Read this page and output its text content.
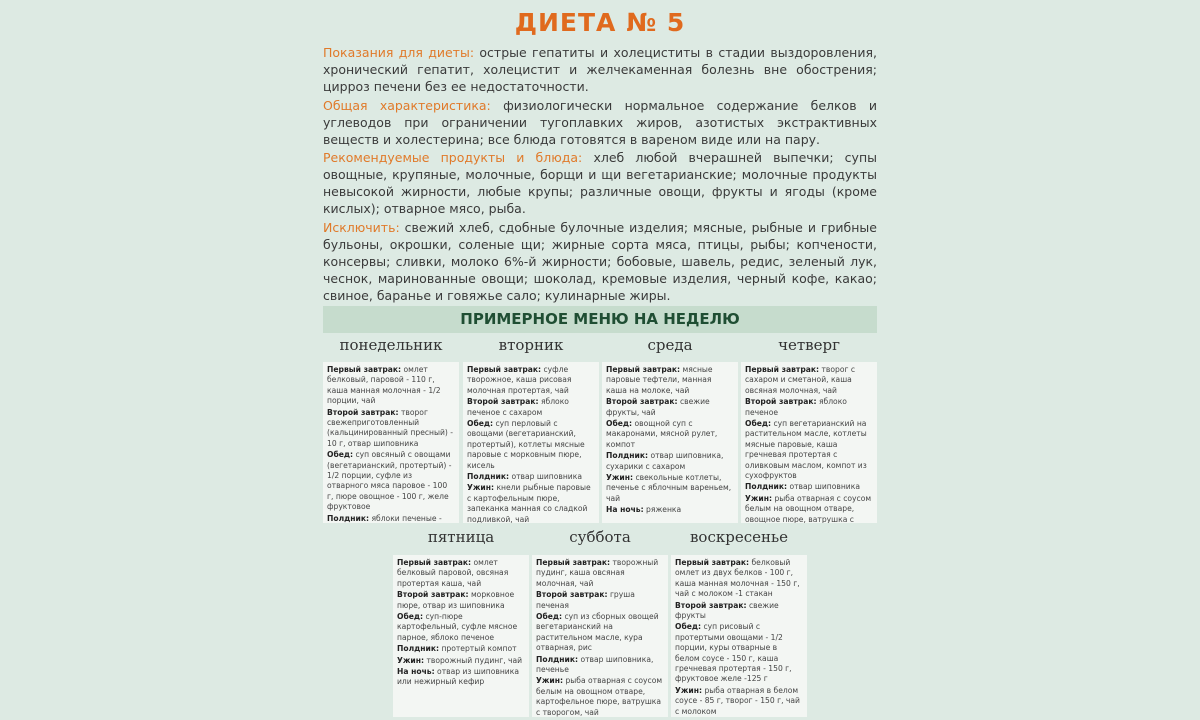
ДИЕТА № 5
Показания для диеты: острые гепатиты и холециститы в стадии выздоровления, хронический гепатит, холецистит и желчекаменная болезнь вне обострения; цирроз печени без ее недостаточности.
Общая характеристика: физиологически нормальное содержание белков и углеводов при ограничении тугоплавких жиров, азотистых экстрактивных веществ и холестерина; все блюда готовятся в вареном виде или на пару.
Рекомендуемые продукты и блюда: хлеб любой вчерашней выпечки; супы овощные, крупяные, молочные, борщи и щи вегетарианские; молочные продукты невысокой жирности, любые крупы; различные овощи, фрукты и ягоды (кроме кислых); отварное мясо, рыба.
Исключить: свежий хлеб, сдобные булочные изделия; мясные, рыбные и грибные бульоны, окрошки, соленые щи; жирные сорта мяса, птицы, рыбы; копчености, консервы; сливки, молоко 6%-й жирности; бобовые, шавель, редис, зеленый лук, чеснок, маринованные овощи; шоколад, кремовые изделия, черный кофе, какао; свиное, баранье и говяжье сало; кулинарные жиры.
ПРИМЕРНОЕ МЕНЮ НА НЕДЕЛЮ
понедельник	вторник	среда	четверг
Первый завтрак: омлет белковый, паровой - 110 г, каша манная молочная - 1/2 порции, чай
Второй завтрак: творог свежеприготовленный (кальцинированный пресный) - 10 г, отвар шиповника
Обед: суп овсяный с овощами (вегетарианский, протертый) - 1/2 порции, суфле из отварного мяса паровое - 100 г, пюре овощное - 100 г, желе фруктовое
Полдник: яблоки печеные -
Первый завтрак: суфле творожное, каша рисовая молочная протертая, чай
Второй завтрак: яблоко печеное с сахаром
Обед: суп перловый с овощами (вегетарианский, протертый), котлеты мясные паровые с морковным пюре, кисель
Полдник: отвар шиповника
Ужин: кнели рыбные паровые с картофельным пюре, запеканка манная со сладкой подливкой, чай
Первый завтрак: мясные паровые тефтели, манная каша на молоке, чай
Второй завтрак: свежие фрукты, чай
Обед: овощной суп с макаронами, мясной рулет, компот
Полдник: отвар шиповника, сухарики с сахаром
Ужин: свекольные котлеты, печенье с яблочным вареньем, чай
На ночь: ряженка
Первый завтрак: творог с сахаром и сметаной, каша овсяная молочная, чай
Второй завтрак: яблоко печеное
Обед: суп вегетарианский на растительном масле, котлеты мясные паровые, каша гречневая протертая с оливковым маслом, компот из сухофруктов
Полдник: отвар шиповника
Ужин: рыба отварная с соусом белым на овощном отваре, овощное пюре, ватрушка с
пятница	суббота	воскресенье
Первый завтрак: омлет белковый паровой, овсяная протертая каша, чай
Второй завтрак: морковное пюре, отвар из шиповника
Обед: суп-пюре картофельный, суфле мясное парное, яблоко печеное
Полдник: протертый компот
Ужин: творожный пудинг, чай
На ночь: отвар из шиповника или нежирный кефир
Первый завтрак: творожный пудинг, каша овсяная молочная, чай
Второй завтрак: груша печеная
Обед: суп из сборных овощей вегетарианский на растительном масле, кура отварная, рис
Полдник: отвар шиповника, печенье
Ужин: рыба отварная с соусом белым на овощном отваре, картофельное пюре, ватрушка с творогом, чай
Первый завтрак: белковый омлет из двух белков - 100 г, каша манная молочная - 150 г, чай с молоком -1 стакан
Второй завтрак: свежие фрукты
Обед: суп рисовый с протертыми овощами - 1/2 порции, куры отварные в белом соусе - 150 г, каша гречневая протертая - 150 г, фруктовое желе -125 г
Ужин: рыба отварная в белом соусе - 85 г, творог - 150 г, чай с молоком
